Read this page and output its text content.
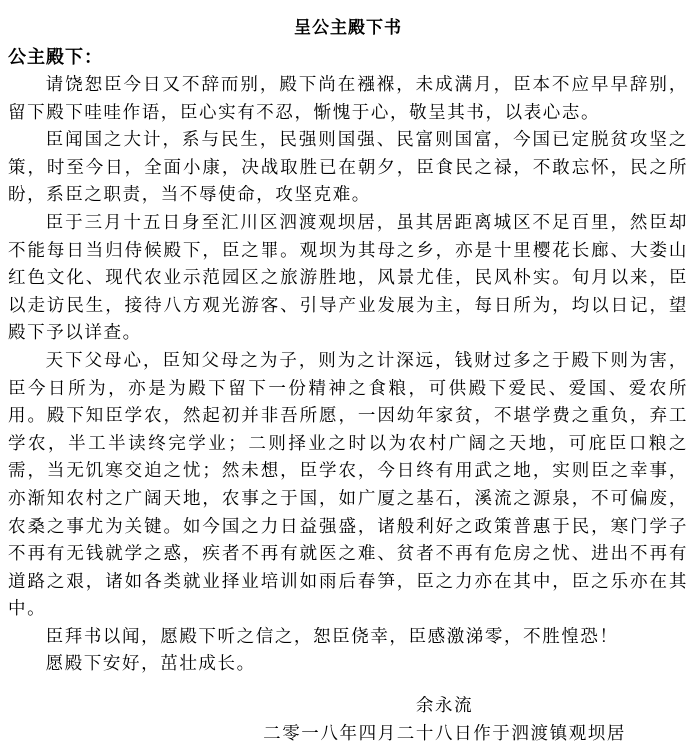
呈公主殿下书
公主殿下：

请饶恕臣今日又不辞而别，殿下尚在襁褓，未成满月，臣本不应早早辞别，留下殿下哇哇作语，臣心实有不忍，惭愧于心，敬呈其书，以表心志。

臣闻国之大计，系与民生，民强则国强、民富则国富，今国已定脱贫攻坚之策，时至今日，全面小康，决战取胜已在朝夕，臣食民之禄，不敢忘怀，民之所盼，系臣之职责，当不辱使命，攻坚克难。

臣于三月十五日身至汇川区泗渡观坝居，虽其居距离城区不足百里，然臣却不能每日当归侍候殿下，臣之罪。观坝为其母之乡，亦是十里樱花长廊、大娄山红色文化、现代农业示范园区之旅游胜地，风景尤佳，民风朴实。旬月以来，臣以走访民生，接待八方观光游客、引导产业发展为主，每日所为，均以日记，望殿下予以详查。

天下父母心，臣知父母之为子，则为之计深远，钱财过多之于殿下则为害，臣今日所为，亦是为殿下留下一份精神之食粮，可供殿下爱民、爱国、爱农所用。殿下知臣学农，然起初并非吾所愿，一因幼年家贫，不堪学费之重负，弃工学农，半工半读终完学业；二则择业之时以为农村广阔之天地，可庇臣口粮之需，当无饥寒交迫之忧；然未想，臣学农，今日终有用武之地，实则臣之幸事，亦渐知农村之广阔天地，农事之于国，如广厦之基石，溪流之源泉，不可偏废，农桑之事尤为关键。如今国之力日益强盛，诸般利好之政策普惠于民，寒门学子不再有无钱就学之惑，疾者不再有就医之难、贫者不再有危房之忧、进出不再有道路之艰，诸如各类就业择业培训如雨后春笋，臣之力亦在其中，臣之乐亦在其中。

臣拜书以闻，愿殿下听之信之，恕臣侥幸，臣感激涕零，不胜惶恐！

愿殿下安好，茁壮成长。

余永流
二零一八年四月二十八日作于泗渡镇观坝居
